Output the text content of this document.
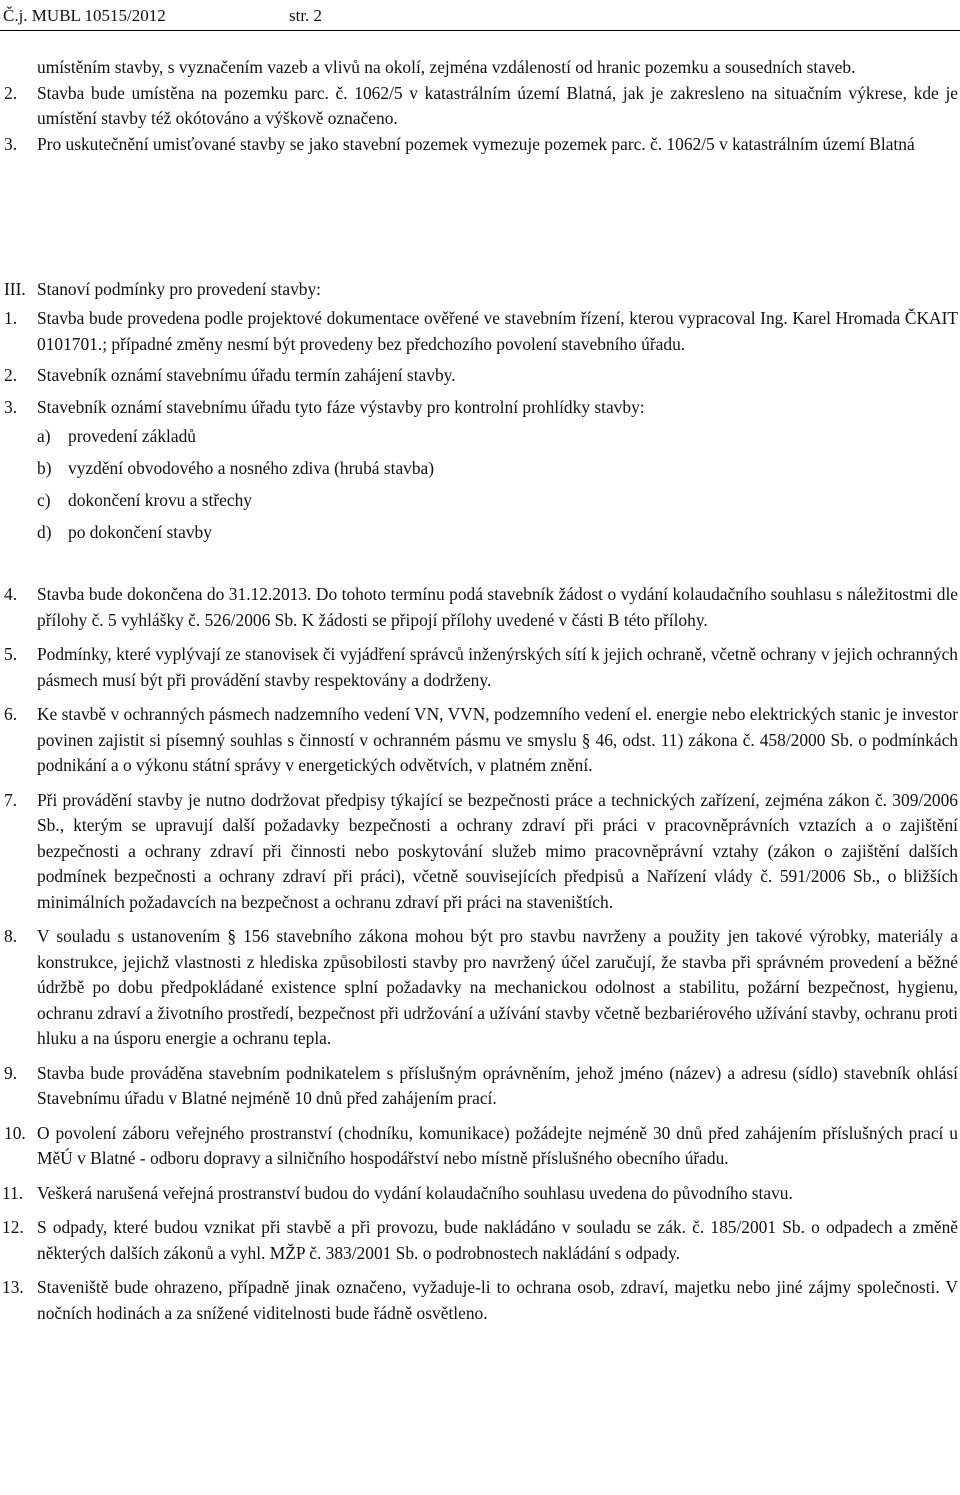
Č.j. MUBL 10515/2012	str. 2
umístěním stavby, s vyznačením vazeb a vlivů na okolí, zejména vzdáleností od hranic pozemku a sousedních staveb.
2. Stavba bude umístěna na pozemku parc. č. 1062/5 v katastrálním území Blatná, jak je zakresleno na situačním výkrese, kde je umístění stavby též okótováno a výškově označeno.
3. Pro uskutečnění umisťované stavby se jako stavební pozemek vymezuje pozemek parc. č. 1062/5 v katastrálním území Blatná
III. Stanoví podmínky pro provedení stavby:
1. Stavba bude provedena podle projektové dokumentace ověřené ve stavebním řízení, kterou vypracoval Ing. Karel Hromada ČKAIT 0101701.; případné změny nesmí být provedeny bez předchozího povolení stavebního úřadu.
2. Stavebník oznámí stavebnímu úřadu termín zahájení stavby.
3. Stavebník oznámí stavebnímu úřadu tyto fáze výstavby pro kontrolní prohlídky stavby:
a) provedení základů
b) vyzdění obvodového a nosného zdiva (hrubá stavba)
c) dokončení krovu a střechy
d) po dokončení stavby
4. Stavba bude dokončena do 31.12.2013. Do tohoto termínu podá stavebník žádost o vydání kolaudačního souhlasu s náležitostmi dle přílohy č. 5 vyhlášky č. 526/2006 Sb. K žádosti se připojí přílohy uvedené v části B této přílohy.
5. Podmínky, které vyplývají ze stanovisek či vyjádření správců inženýrských sítí k jejich ochraně, včetně ochrany v jejich ochranných pásmech musí být při provádění stavby respektovány a dodrženy.
6. Ke stavbě v ochranných pásmech nadzemního vedení VN, VVN, podzemního vedení el. energie nebo elektrických stanic je investor povinen zajistit si písemný souhlas s činností v ochranném pásmu ve smyslu § 46, odst. 11) zákona č. 458/2000 Sb. o podmínkách podnikání a o výkonu státní správy v energetických odvětvích, v platném znění.
7. Při provádění stavby je nutno dodržovat předpisy týkající se bezpečnosti práce a technických zařízení, zejména zákon č. 309/2006 Sb., kterým se upravují další požadavky bezpečnosti a ochrany zdraví při práci v pracovněprávních vztazích a o zajištění bezpečnosti a ochrany zdraví při činnosti nebo poskytování služeb mimo pracovněprávní vztahy (zákon o zajištění dalších podmínek bezpečnosti a ochrany zdraví při práci), včetně souvisejících předpisů a Nařízení vlády č. 591/2006 Sb., o bližších minimálních požadavcích na bezpečnost a ochranu zdraví při práci na staveništích.
8. V souladu s ustanovením § 156 stavebního zákona mohou být pro stavbu navrženy a použity jen takové výrobky, materiály a konstrukce, jejichž vlastnosti z hlediska způsobilosti stavby pro navržený účel zaručují, že stavba při správném provedení a běžné údržbě po dobu předpokládané existence splní požadavky na mechanickou odolnost a stabilitu, požární bezpečnost, hygienu, ochranu zdraví a životního prostředí, bezpečnost při udržování a užívání stavby včetně bezbariérového užívání stavby, ochranu proti hluku a na úsporu energie a ochranu tepla.
9. Stavba bude prováděna stavebním podnikatelem s příslušným oprávněním, jehož jméno (název) a adresu (sídlo) stavebník ohlásí Stavebnímu úřadu v Blatné nejméně 10 dnů před zahájením prací.
10. O povolení záboru veřejného prostranství (chodníku, komunikace) požádejte nejméně 30 dnů před zahájením příslušných prací u MěÚ v Blatné - odboru dopravy a silničního hospodářství nebo místně příslušného obecního úřadu.
11. Veškerá narušená veřejná prostranství budou do vydání kolaudačního souhlasu uvedena do původního stavu.
12. S odpady, které budou vznikat při stavbě a při provozu, bude nakládáno v souladu se zák. č. 185/2001 Sb. o odpadech a změně některých dalších zákonů a vyhl. MŽP č. 383/2001 Sb. o podrobnostech nakládání s odpady.
13. Staveniště bude ohrazeno, případně jinak označeno, vyžaduje-li to ochrana osob, zdraví, majetku nebo jiné zájmy společnosti. V nočních hodinách a za snížené viditelnosti bude řádně osvětleno.
